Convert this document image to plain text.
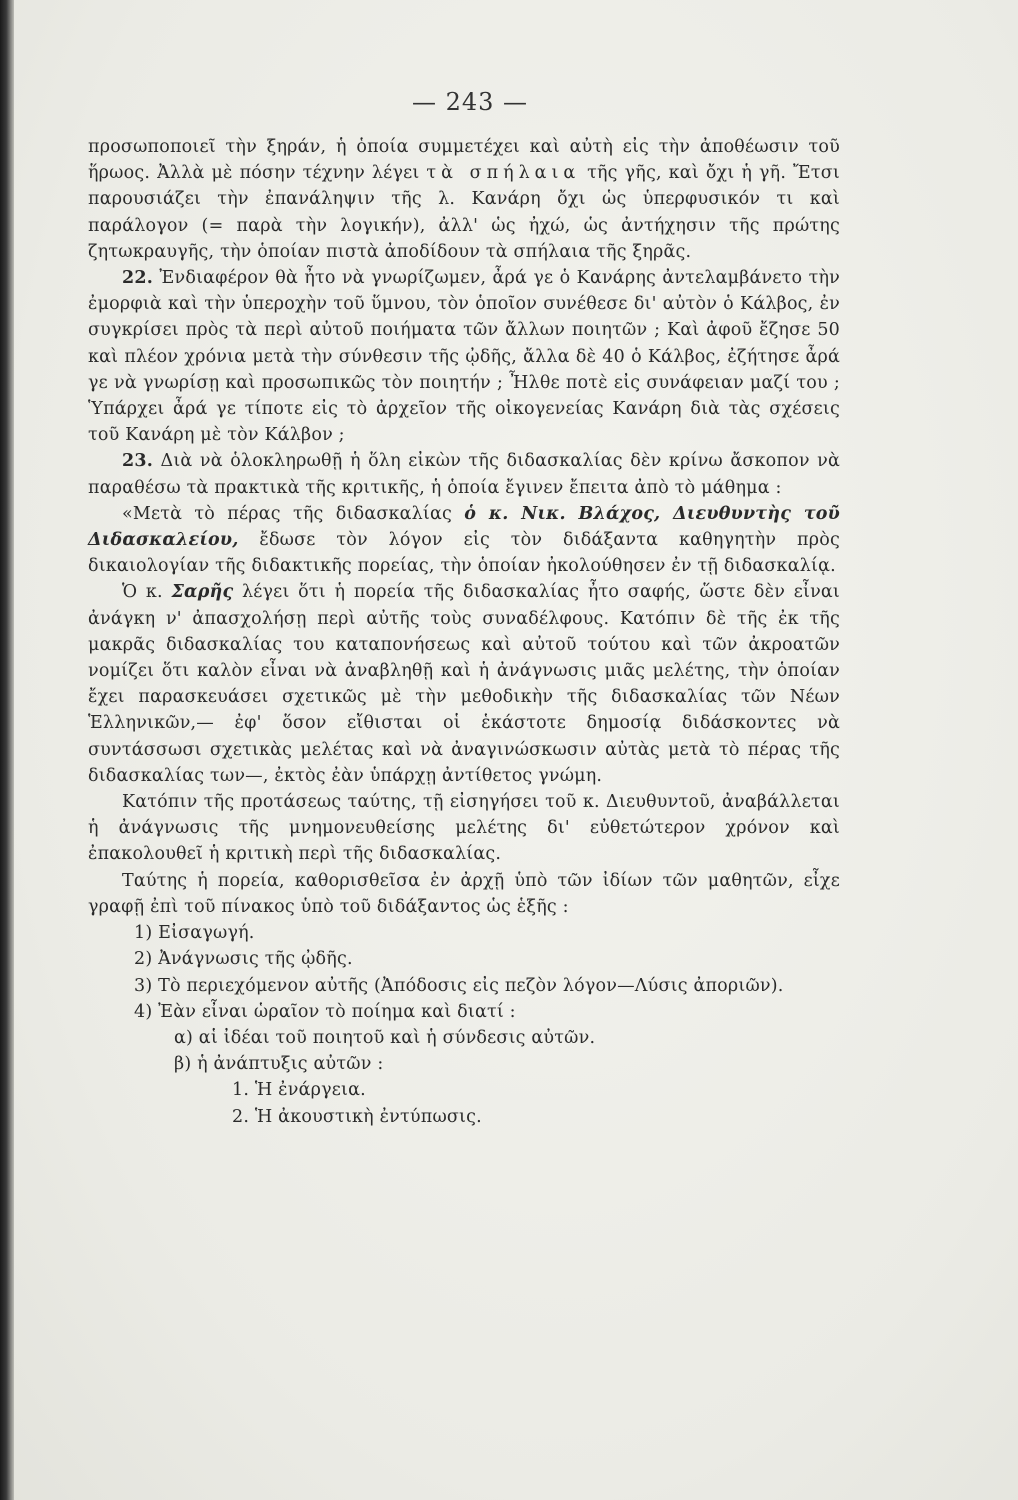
— 243 —

προσωποποιεῖ τὴν ξηράν, ἡ ὁποία συμμετέχει καὶ αὐτὴ εἰς τὴν ἀποθέωσιν τοῦ ἥρωος. Ἀλλὰ μὲ πόσην τέχνην λέγει τὰ σπήλαια τῆς γῆς, καὶ ὄχι ἡ γῆ. Ἔτσι παρουσιάζει τὴν ἐπανάληψιν τῆς λ. Κανάρη ὄχι ὡς ὑπερφυσικόν τι καὶ παράλογον (= παρὰ τὴν λογικήν), ἀλλ' ὡς ἠχώ, ὡς ἀντήχησιν τῆς πρώτης ζητωκραυγῆς, τὴν ὁποίαν πιστὰ ἀποδίδουν τὰ σπήλαια τῆς ξηρᾶς.

22. Ἐνδιαφέρον θὰ ἦτο νὰ γνωρίζωμεν, ἆρά γε ὁ Κανάρης ἀντελαμβάνετο τὴν ἐμορφιὰ καὶ τὴν ὑπεροχὴν τοῦ ὕμνου, τὸν ὁποῖον συνέθεσε δι' αὐτὸν ὁ Κάλβος, ἐν συγκρίσει πρὸς τὰ περὶ αὐτοῦ ποιήματα τῶν ἄλλων ποιητῶν ; Καὶ ἀφοῦ ἔζησε 50 καὶ πλέον χρόνια μετὰ τὴν σύνθεσιν τῆς ᾠδῆς, ἄλλα δὲ 40 ὁ Κάλβος, ἐζήτησε ἆρά γε νὰ γνωρίσῃ καὶ προσωπικῶς τὸν ποιητήν ; Ἦλθε ποτὲ εἰς συνάφειαν μαζί του ; Ὑπάρχει ἆρά γε τίποτε εἰς τὸ ἀρχεῖον τῆς οἰκογενείας Κανάρη διὰ τὰς σχέσεις τοῦ Κανάρη μὲ τὸν Κάλβον ;

23. Διὰ νὰ ὁλοκληρωθῇ ἡ ὅλη εἰκὼν τῆς διδασκαλίας δὲν κρίνω ἄσκοπον νὰ παραθέσω τὰ πρακτικὰ τῆς κριτικῆς, ἡ ὁποία ἔγινεν ἔπειτα ἀπὸ τὸ μάθημα :

«Μετὰ τὸ πέρας τῆς διδασκαλίας ὁ κ. Νικ. Βλάχος, Διευθυντὴς τοῦ Διδασκαλείου, ἔδωσε τὸν λόγον εἰς τὸν διδάξαντα καθηγητὴν πρὸς δικαιολογίαν τῆς διδακτικῆς πορείας, τὴν ὁποίαν ἠκολούθησεν ἐν τῇ διδασκαλίᾳ.

Ὁ κ. Σαρῆς λέγει ὅτι ἡ πορεία τῆς διδασκαλίας ἦτο σαφής, ὥστε δὲν εἶναι ἀνάγκη ν' ἀπασχολήσῃ περὶ αὐτῆς τοὺς συναδέλφους. Κατόπιν δὲ τῆς ἐκ τῆς μακρᾶς διδασκαλίας του καταπονήσεως καὶ αὐτοῦ τούτου καὶ τῶν ἀκροατῶν νομίζει ὅτι καλὸν εἶναι νὰ ἀναβληθῇ καὶ ἡ ἀνάγνωσις μιᾶς μελέτης, τὴν ὁποίαν ἔχει παρασκευάσει σχετικῶς μὲ τὴν μεθοδικὴν τῆς διδασκαλίας τῶν Νέων Ἑλληνικῶν,— ἐφ' ὅσον εἴθισται οἱ ἑκάστοτε δημοσίᾳ διδάσκοντες νὰ συντάσσωσι σχετικὰς μελέτας καὶ νὰ ἀναγινώσκωσιν αὐτὰς μετὰ τὸ πέρας τῆς διδασκαλίας των—, ἐκτὸς ἐὰν ὑπάρχῃ ἀντίθετος γνώμη.

Κατόπιν τῆς προτάσεως ταύτης, τῇ εἰσηγήσει τοῦ κ. Διευθυντοῦ, ἀναβάλλεται ἡ ἀνάγνωσις τῆς μνημονευθείσης μελέτης δι' εὐθετώτερον χρόνον καὶ ἐπακολουθεῖ ἡ κριτικὴ περὶ τῆς διδασκαλίας.

Ταύτης ἡ πορεία, καθορισθεῖσα ἐν ἀρχῇ ὑπὸ τῶν ἰδίων τῶν μαθητῶν, εἶχε γραφῇ ἐπὶ τοῦ πίνακος ὑπὸ τοῦ διδάξαντος ὡς ἑξῆς :

1) Εἰσαγωγή.

2) Ἀνάγνωσις τῆς ᾠδῆς.

3) Τὸ περιεχόμενον αὐτῆς (Ἀπόδοσις εἰς πεζὸν λόγον—Λύσις ἀποριῶν).

4) Ἐὰν εἶναι ὡραῖον τὸ ποίημα καὶ διατί :

α) αἱ ἰδέαι τοῦ ποιητοῦ καὶ ἡ σύνδεσις αὐτῶν.

β) ἡ ἀνάπτυξις αὐτῶν :

1. Ἡ ἐνάργεια.

2. Ἡ ἀκουστικὴ ἐντύπωσις.
